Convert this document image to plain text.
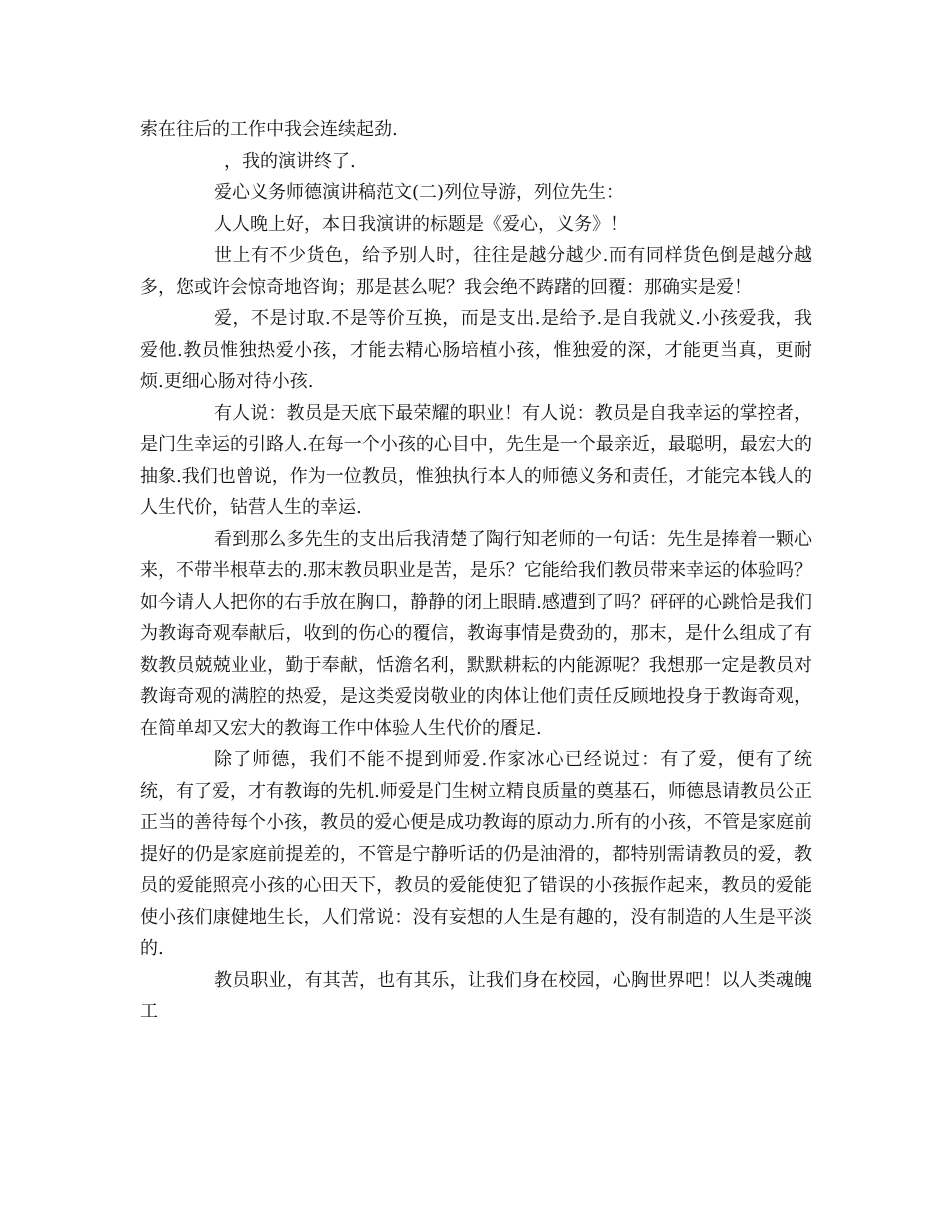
索在往后的工作中我会连续起劲.

，我的演讲终了.

爱心义务师德演讲稿范文(二)列位导游，列位先生：

人人晚上好，本日我演讲的标题是《爱心，义务》！

世上有不少货色，给予别人时，往往是越分越少.而有同样货色倒是越分越多，您或许会惊奇地咨询；那是甚么呢？我会绝不踌躇的回覆：那确实是爱！

爱，不是讨取.不是等价互换，而是支出.是给予.是自我就义.小孩爱我，我爱他.教员惟独热爱小孩，才能去精心肠培植小孩，惟独爱的深，才能更当真，更耐烦.更细心肠对待小孩.

有人说：教员是天底下最荣耀的职业！有人说：教员是自我幸运的掌控者，是门生幸运的引路人.在每一个小孩的心目中，先生是一个最亲近，最聪明，最宏大的抽象.我们也曾说，作为一位教员，惟独执行本人的师德义务和责任，才能完本钱人的人生代价，钻营人生的幸运.

看到那么多先生的支出后我清楚了陶行知老师的一句话：先生是捧着一颗心来，不带半根草去的.那末教员职业是苦，是乐？它能给我们教员带来幸运的体验吗？如今请人人把你的右手放在胸口，静静的闭上眼睛.感遭到了吗？砰砰的心跳恰是我们为教诲奇观奉献后，收到的伤心的覆信，教诲事情是费劲的，那末，是什么组成了有数教员兢兢业业，勤于奉献，恬澹名利，默默耕耘的内能源呢？我想那一定是教员对教诲奇观的满腔的热爱，是这类爱岗敬业的肉体让他们责任反顾地投身于教诲奇观，在简单却又宏大的教诲工作中体验人生代价的餍足.

除了师德，我们不能不提到师爱.作家冰心已经说过：有了爱，便有了统统，有了爱，才有教诲的先机.师爱是门生树立精良质量的奠基石，师德恳请教员公正正当的善待每个小孩，教员的爱心便是成功教诲的原动力.所有的小孩，不管是家庭前提好的仍是家庭前提差的，不管是宁静听话的仍是油滑的，都特别需请教员的爱，教员的爱能照亮小孩的心田天下，教员的爱能使犯了错误的小孩振作起来，教员的爱能使小孩们康健地生长，人们常说：没有妄想的人生是有趣的，没有制造的人生是平淡的.

教员职业，有其苦，也有其乐，让我们身在校园，心胸世界吧！以人类魂魄工
